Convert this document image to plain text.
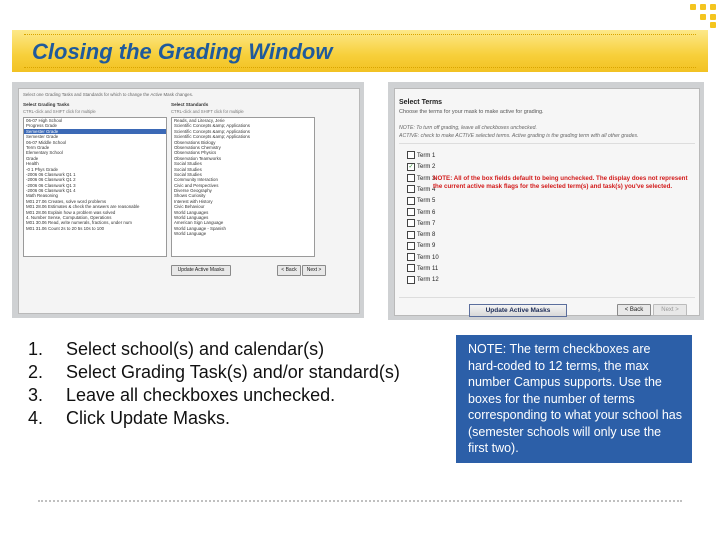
Closing the Grading Window
Select one Grading Tasks and Standards for which to change the Active Mask changes.
Select Grading Tasks
CTRL-click and SHIFT click for multiple
Select Standards
CTRL-click and SHIFT click for multiple
06-07 High School
Progress Grade
Semester Grade
Semester Grade
06-07 Middle School
Term Grade
Elementary School
Grade
Health
-0 1 Phys Grade
-2006 06 Classwork Q1 1
-2006 06 Classwork Q1 2
-2006 06 Classwork Q1 3
-2006 06 Classwork Q1 4
Math Reasoning
M01 27.06 Creates, solve word problems
M01 28.06 Estimates & check the answers are reasonable
M01 28.06 Explain how a problem was solved
4. Number Sense, Computation, Operations
M01 30.06 Read, write numerals, fractions, under num
M01 31.06 Count 2s to 20 5s 10s to 100
Reads, and Literacy, Jerie
Scientific Concepts &amp; Applications
Scientific Concepts &amp; Applications
Scientific Concepts &amp; Applications
Observations Biology
Observations Chemistry
Observations Physics
Observation Teamworks
Social Studies
Social Studies
Social Studies
Community Interaction
Civic and Perspectives
Diverse Geography
Shows Curiosity
Interest with History
Civic Behaviour
World Languages
World Languages
American Sign Language
World Language - Spanish
World Language
Update Active Masks	< Back	Next >
Select Terms
Choose the terms for your mask to make active for grading.
NOTE: To turn off grading, leave all checkboxes unchecked.
ACTIVE: check to make ACTIVE selected terms. Active grading is the grading term with all other grades.
Term 1
✓ Term 2
Term 3
Term 4
Term 5
Term 6
Term 7
Term 8
Term 9
Term 10
Term 11
Term 12
NOTE: All of the box fields default to being unchecked. The display does not represent the current active mask flags for the selected term(s) and task(s) you've selected.
Update Active Masks	< Back	Next >
1. Select school(s) and calendar(s)
2. Select Grading Task(s) and/or standard(s)
3. Leave all checkboxes unchecked.
4. Click Update Masks.
NOTE: The term checkboxes are hard-coded to 12 terms, the max number Campus supports. Use the boxes for the number of terms corresponding to what your school has (semester schools will only use the first two).
